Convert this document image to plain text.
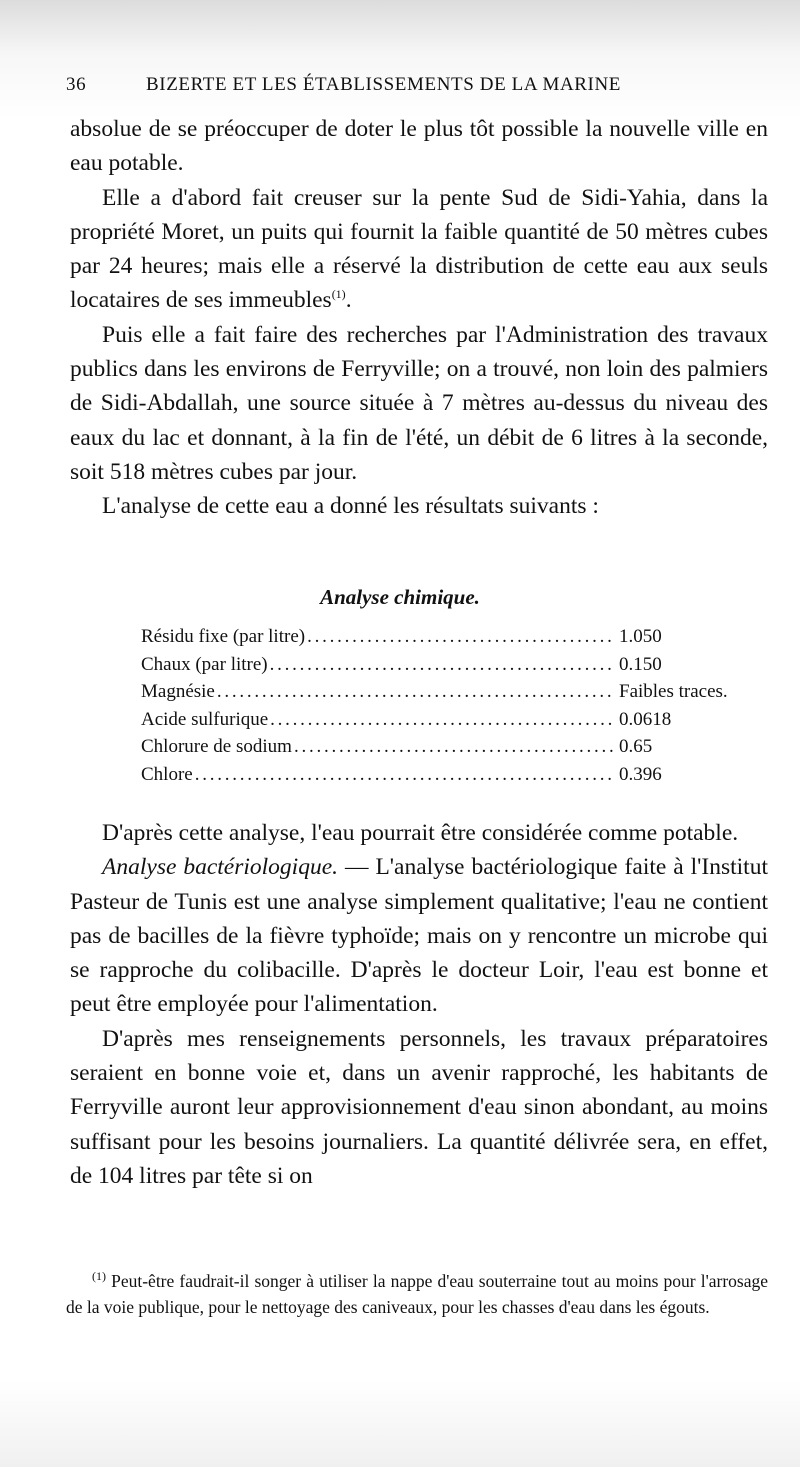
36	BIZERTE ET LES ÉTABLISSEMENTS DE LA MARINE

absolue de se préoccuper de doter le plus tôt possible la nouvelle ville en eau potable.

Elle a d'abord fait creuser sur la pente Sud de Sidi-Yahia, dans la propriété Moret, un puits qui fournit la faible quantité de 50 mètres cubes par 24 heures; mais elle a réservé la distribution de cette eau aux seuls locataires de ses immeubles$^{(1)}$.

Puis elle a fait faire des recherches par l'Administration des travaux publics dans les environs de Ferryville; on a trouvé, non loin des palmiers de Sidi-Abdallah, une source située à 7 mètres au-dessus du niveau des eaux du lac et donnant, à la fin de l'été, un débit de 6 litres à la seconde, soit 518 mètres cubes par jour.

L'analyse de cette eau a donné les résultats suivants :

Analyse chimique.
Résidu fixe (par litre) . . .	1.050
Chaux (par litre) . . .	0.150
Magnésie . . .	Faibles traces.
Acide sulfurique . . .	0.0618
Chlorure de sodium . . .	0.65
Chlore . . .	0.396

D'après cette analyse, l'eau pourrait être considérée comme potable.

Analyse bactériologique. — L'analyse bactériologique faite à l'Institut Pasteur de Tunis est une analyse simplement qualitative; l'eau ne contient pas de bacilles de la fièvre typhoïde; mais on y rencontre un microbe qui se rapproche du colibacille. D'après le docteur Loir, l'eau est bonne et peut être employée pour l'alimentation.

D'après mes renseignements personnels, les travaux préparatoires seraient en bonne voie et, dans un avenir rapproché, les habitants de Ferryville auront leur approvisionnement d'eau sinon abondant, au moins suffisant pour les besoins journaliers. La quantité délivrée sera, en effet, de 104 litres par tête si on

$^{(1)}$ Peut-être faudrait-il songer à utiliser la nappe d'eau souterraine tout au moins pour l'arrosage de la voie publique, pour le nettoyage des caniveaux, pour les chasses d'eau dans les égouts.
